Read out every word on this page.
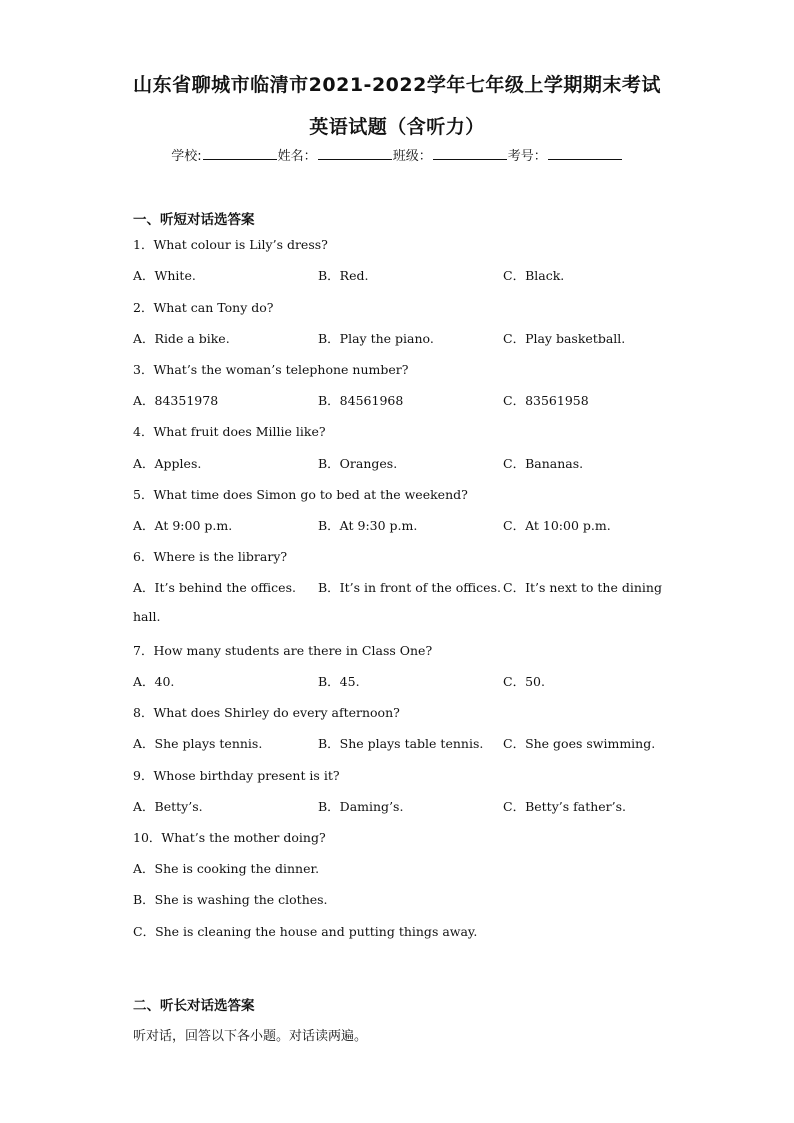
山东省聊城市临清市2021-2022学年七年级上学期期末考试
英语试题（含听力）
学校:	姓名：	班级：	考号：
一、听短对话选答案
1．What colour is Lily’s dress?
A．White.	B．Red.	C．Black.
2．What can Tony do?
A．Ride a bike.	B．Play the piano.	C．Play basketball.
3．What’s the woman’s telephone number?
A．84351978	B．84561968	C．83561958
4．What fruit does Millie like?
A．Apples.	B．Oranges.	C．Bananas.
5．What time does Simon go to bed at the weekend?
A．At 9:00 p.m.	B．At 9:30 p.m.	C．At 10:00 p.m.
6．Where is the library?
A．It’s behind the offices. B．It’s in front of the offices. C．It’s next to the dining
hall.
7．How many students are there in Class One?
A．40.	B．45.	C．50.
8．What does Shirley do every afternoon?
A．She plays tennis.	B．She plays table tennis. C．She goes swimming.
9．Whose birthday present is it?
A．Betty’s.	B．Daming’s.	C．Betty’s father’s.
10．What’s the mother doing?
A．She is cooking the dinner.
B．She is washing the clothes.
C．She is cleaning the house and putting things away.
二、听长对话选答案
听对话，回答以下各小题。对话读两遍。
